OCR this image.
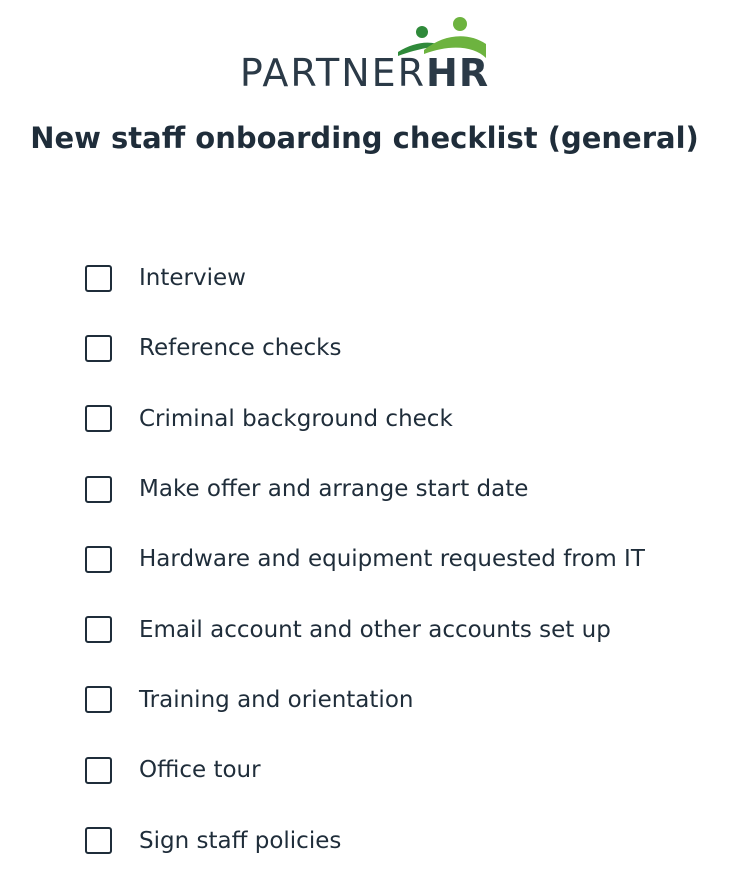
PARTNERHR
New staff onboarding checklist (general)
Interview
Reference checks
Criminal background check
Make offer and arrange start date
Hardware and equipment requested from IT
Email account and other accounts set up
Training and orientation
Office tour
Sign staff policies
